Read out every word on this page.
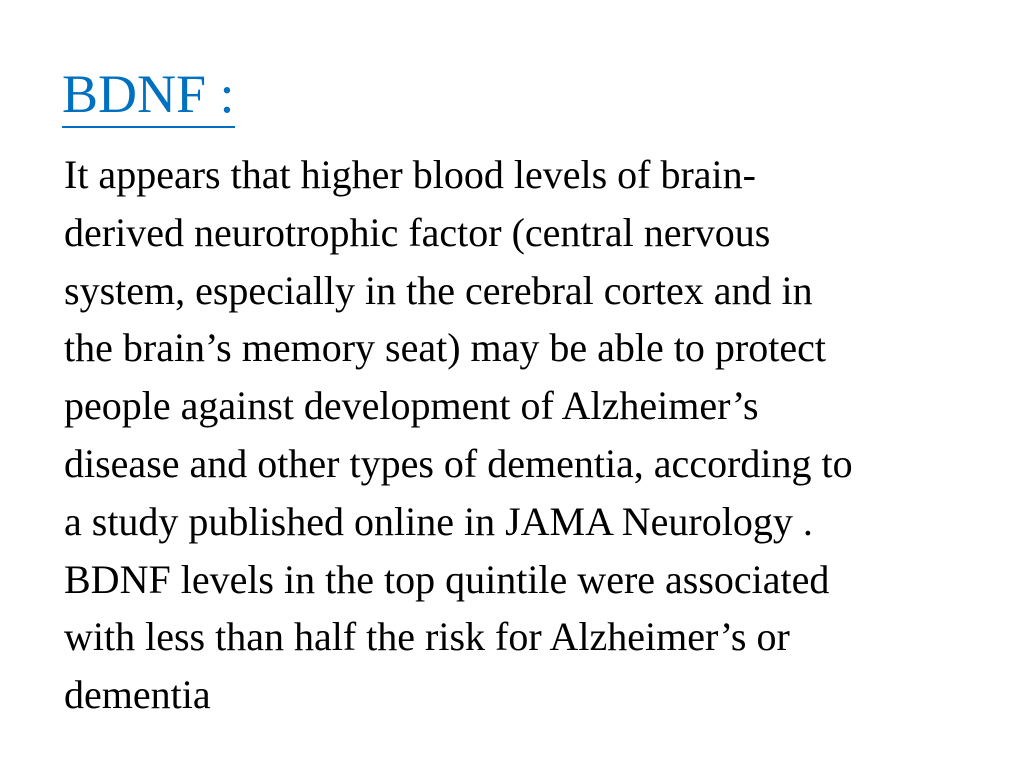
BDNF :
It appears that higher blood levels of brain-
derived neurotrophic factor (central nervous
system, especially in the cerebral cortex and in
the brain’s memory seat) may be able to protect
people against development of Alzheimer’s
disease and other types of dementia, according to
a study published online in JAMA Neurology .
BDNF levels in the top quintile were associated
with less than half the risk for Alzheimer’s or
dementia
